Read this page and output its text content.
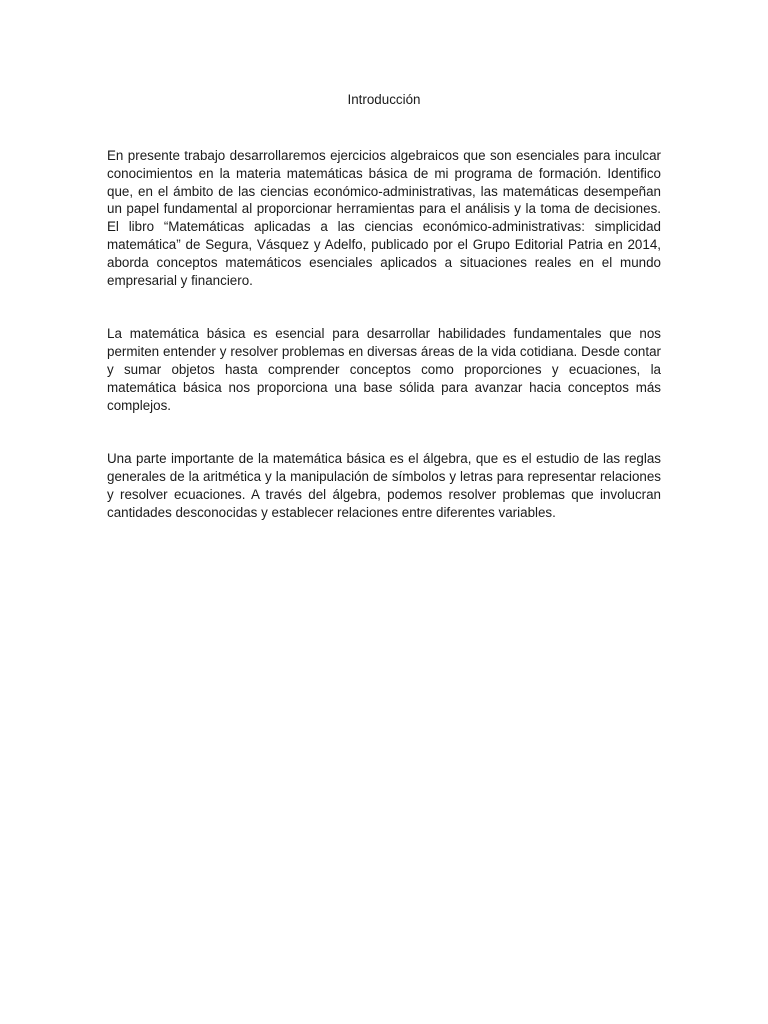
Introducción

En presente trabajo desarrollaremos ejercicios algebraicos que son esenciales para inculcar conocimientos en la materia matemáticas básica de mi programa de formación. Identifico que, en el ámbito de las ciencias económico-administrativas, las matemáticas desempeñan un papel fundamental al proporcionar herramientas para el análisis y la toma de decisiones. El libro “Matemáticas aplicadas a las ciencias económico-administrativas: simplicidad matemática” de Segura, Vásquez y Adelfo, publicado por el Grupo Editorial Patria en 2014, aborda conceptos matemáticos esenciales aplicados a situaciones reales en el mundo empresarial y financiero.

La matemática básica es esencial para desarrollar habilidades fundamentales que nos permiten entender y resolver problemas en diversas áreas de la vida cotidiana. Desde contar y sumar objetos hasta comprender conceptos como proporciones y ecuaciones, la matemática básica nos proporciona una base sólida para avanzar hacia conceptos más complejos.

Una parte importante de la matemática básica es el álgebra, que es el estudio de las reglas generales de la aritmética y la manipulación de símbolos y letras para representar relaciones y resolver ecuaciones. A través del álgebra, podemos resolver problemas que involucran cantidades desconocidas y establecer relaciones entre diferentes variables.
